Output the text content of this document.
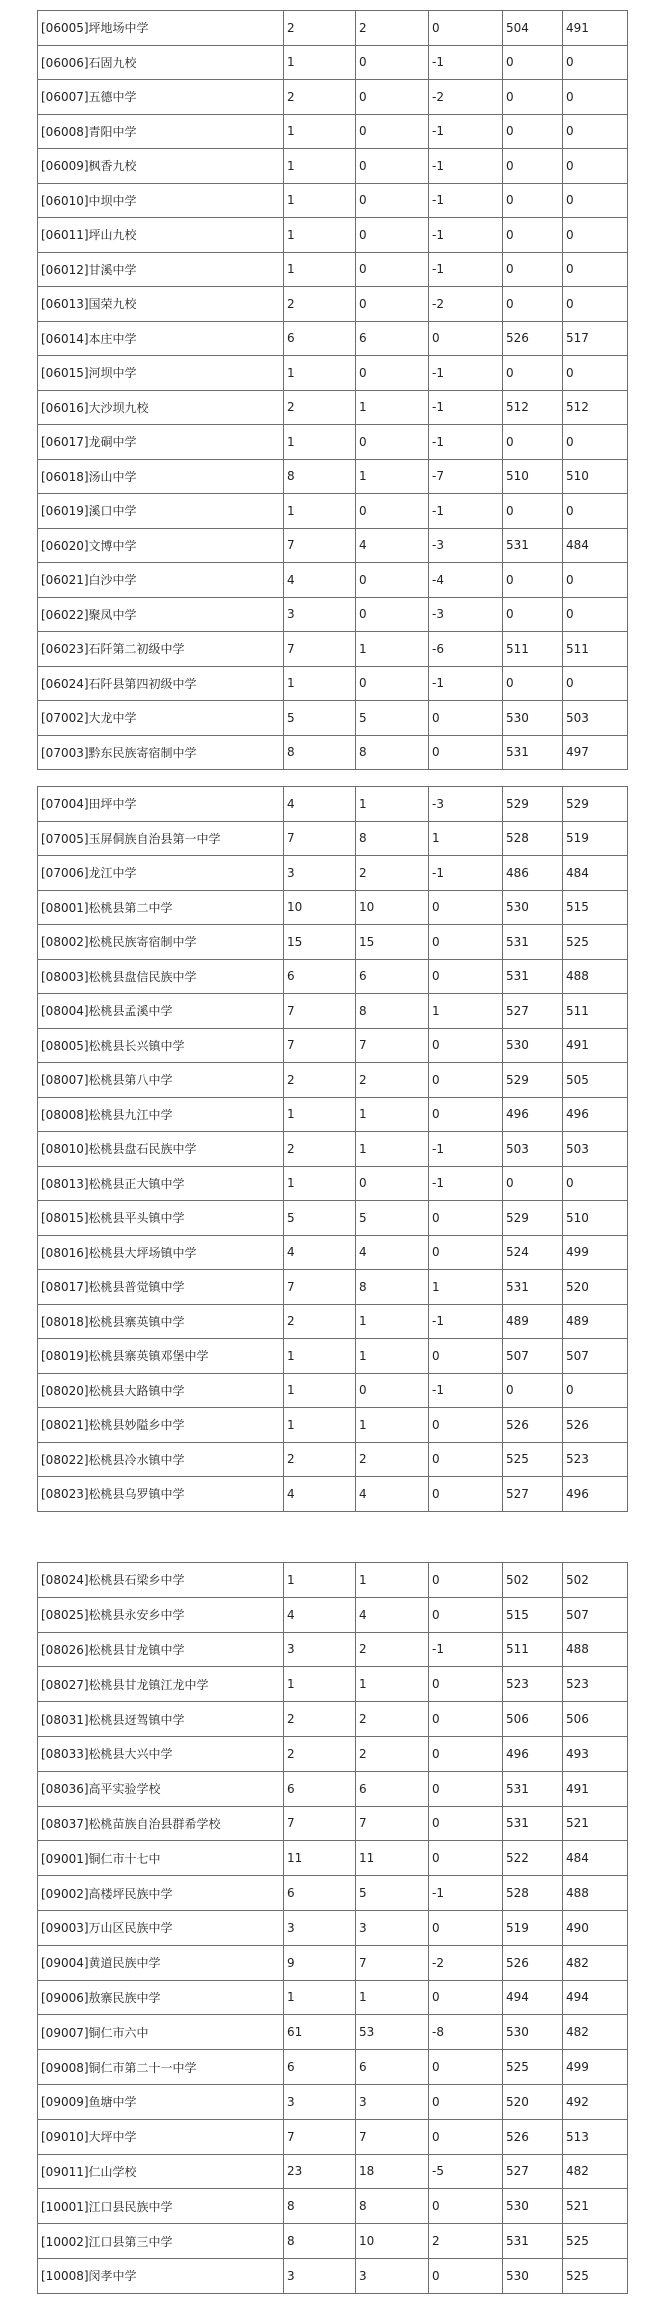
[06005]坪地场中学	2	2	0	504	491
[06006]石固九校	1	0	-1	0	0
[06007]五德中学	2	0	-2	0	0
[06008]青阳中学	1	0	-1	0	0
[06009]枫香九校	1	0	-1	0	0
[06010]中坝中学	1	0	-1	0	0
[06011]坪山九校	1	0	-1	0	0
[06012]甘溪中学	1	0	-1	0	0
[06013]国荣九校	2	0	-2	0	0
[06014]本庄中学	6	6	0	526	517
[06015]河坝中学	1	0	-1	0	0
[06016]大沙坝九校	2	1	-1	512	512
[06017]龙硐中学	1	0	-1	0	0
[06018]汤山中学	8	1	-7	510	510
[06019]溪口中学	1	0	-1	0	0
[06020]文博中学	7	4	-3	531	484
[06021]白沙中学	4	0	-4	0	0
[06022]聚凤中学	3	0	-3	0	0
[06023]石阡第二初级中学	7	1	-6	511	511
[06024]石阡县第四初级中学	1	0	-1	0	0
[07002]大龙中学	5	5	0	530	503
[07003]黔东民族寄宿制中学	8	8	0	531	497
[07004]田坪中学	4	1	-3	529	529
[07005]玉屏侗族自治县第一中学	7	8	1	528	519
[07006]龙江中学	3	2	-1	486	484
[08001]松桃县第二中学	10	10	0	530	515
[08002]松桃民族寄宿制中学	15	15	0	531	525
[08003]松桃县盘信民族中学	6	6	0	531	488
[08004]松桃县孟溪中学	7	8	1	527	511
[08005]松桃县长兴镇中学	7	7	0	530	491
[08007]松桃县第八中学	2	2	0	529	505
[08008]松桃县九江中学	1	1	0	496	496
[08010]松桃县盘石民族中学	2	1	-1	503	503
[08013]松桃县正大镇中学	1	0	-1	0	0
[08015]松桃县平头镇中学	5	5	0	529	510
[08016]松桃县大坪场镇中学	4	4	0	524	499
[08017]松桃县普觉镇中学	7	8	1	531	520
[08018]松桃县寨英镇中学	2	1	-1	489	489
[08019]松桃县寨英镇邓堡中学	1	1	0	507	507
[08020]松桃县大路镇中学	1	0	-1	0	0
[08021]松桃县妙隘乡中学	1	1	0	526	526
[08022]松桃县冷水镇中学	2	2	0	525	523
[08023]松桃县乌罗镇中学	4	4	0	527	496
[08024]松桃县石梁乡中学	1	1	0	502	502
[08025]松桃县永安乡中学	4	4	0	515	507
[08026]松桃县甘龙镇中学	3	2	-1	511	488
[08027]松桃县甘龙镇江龙中学	1	1	0	523	523
[08031]松桃县迓驾镇中学	2	2	0	506	506
[08033]松桃县大兴中学	2	2	0	496	493
[08036]高平实验学校	6	6	0	531	491
[08037]松桃苗族自治县群希学校	7	7	0	531	521
[09001]铜仁市十七中	11	11	0	522	484
[09002]高楼坪民族中学	6	5	-1	528	488
[09003]万山区民族中学	3	3	0	519	490
[09004]黄道民族中学	9	7	-2	526	482
[09006]敖寨民族中学	1	1	0	494	494
[09007]铜仁市六中	61	53	-8	530	482
[09008]铜仁市第二十一中学	6	6	0	525	499
[09009]鱼塘中学	3	3	0	520	492
[09010]大坪中学	7	7	0	526	513
[09011]仁山学校	23	18	-5	527	482
[10001]江口县民族中学	8	8	0	530	521
[10002]江口县第三中学	8	10	2	531	525
[10008]闵孝中学	3	3	0	530	525
